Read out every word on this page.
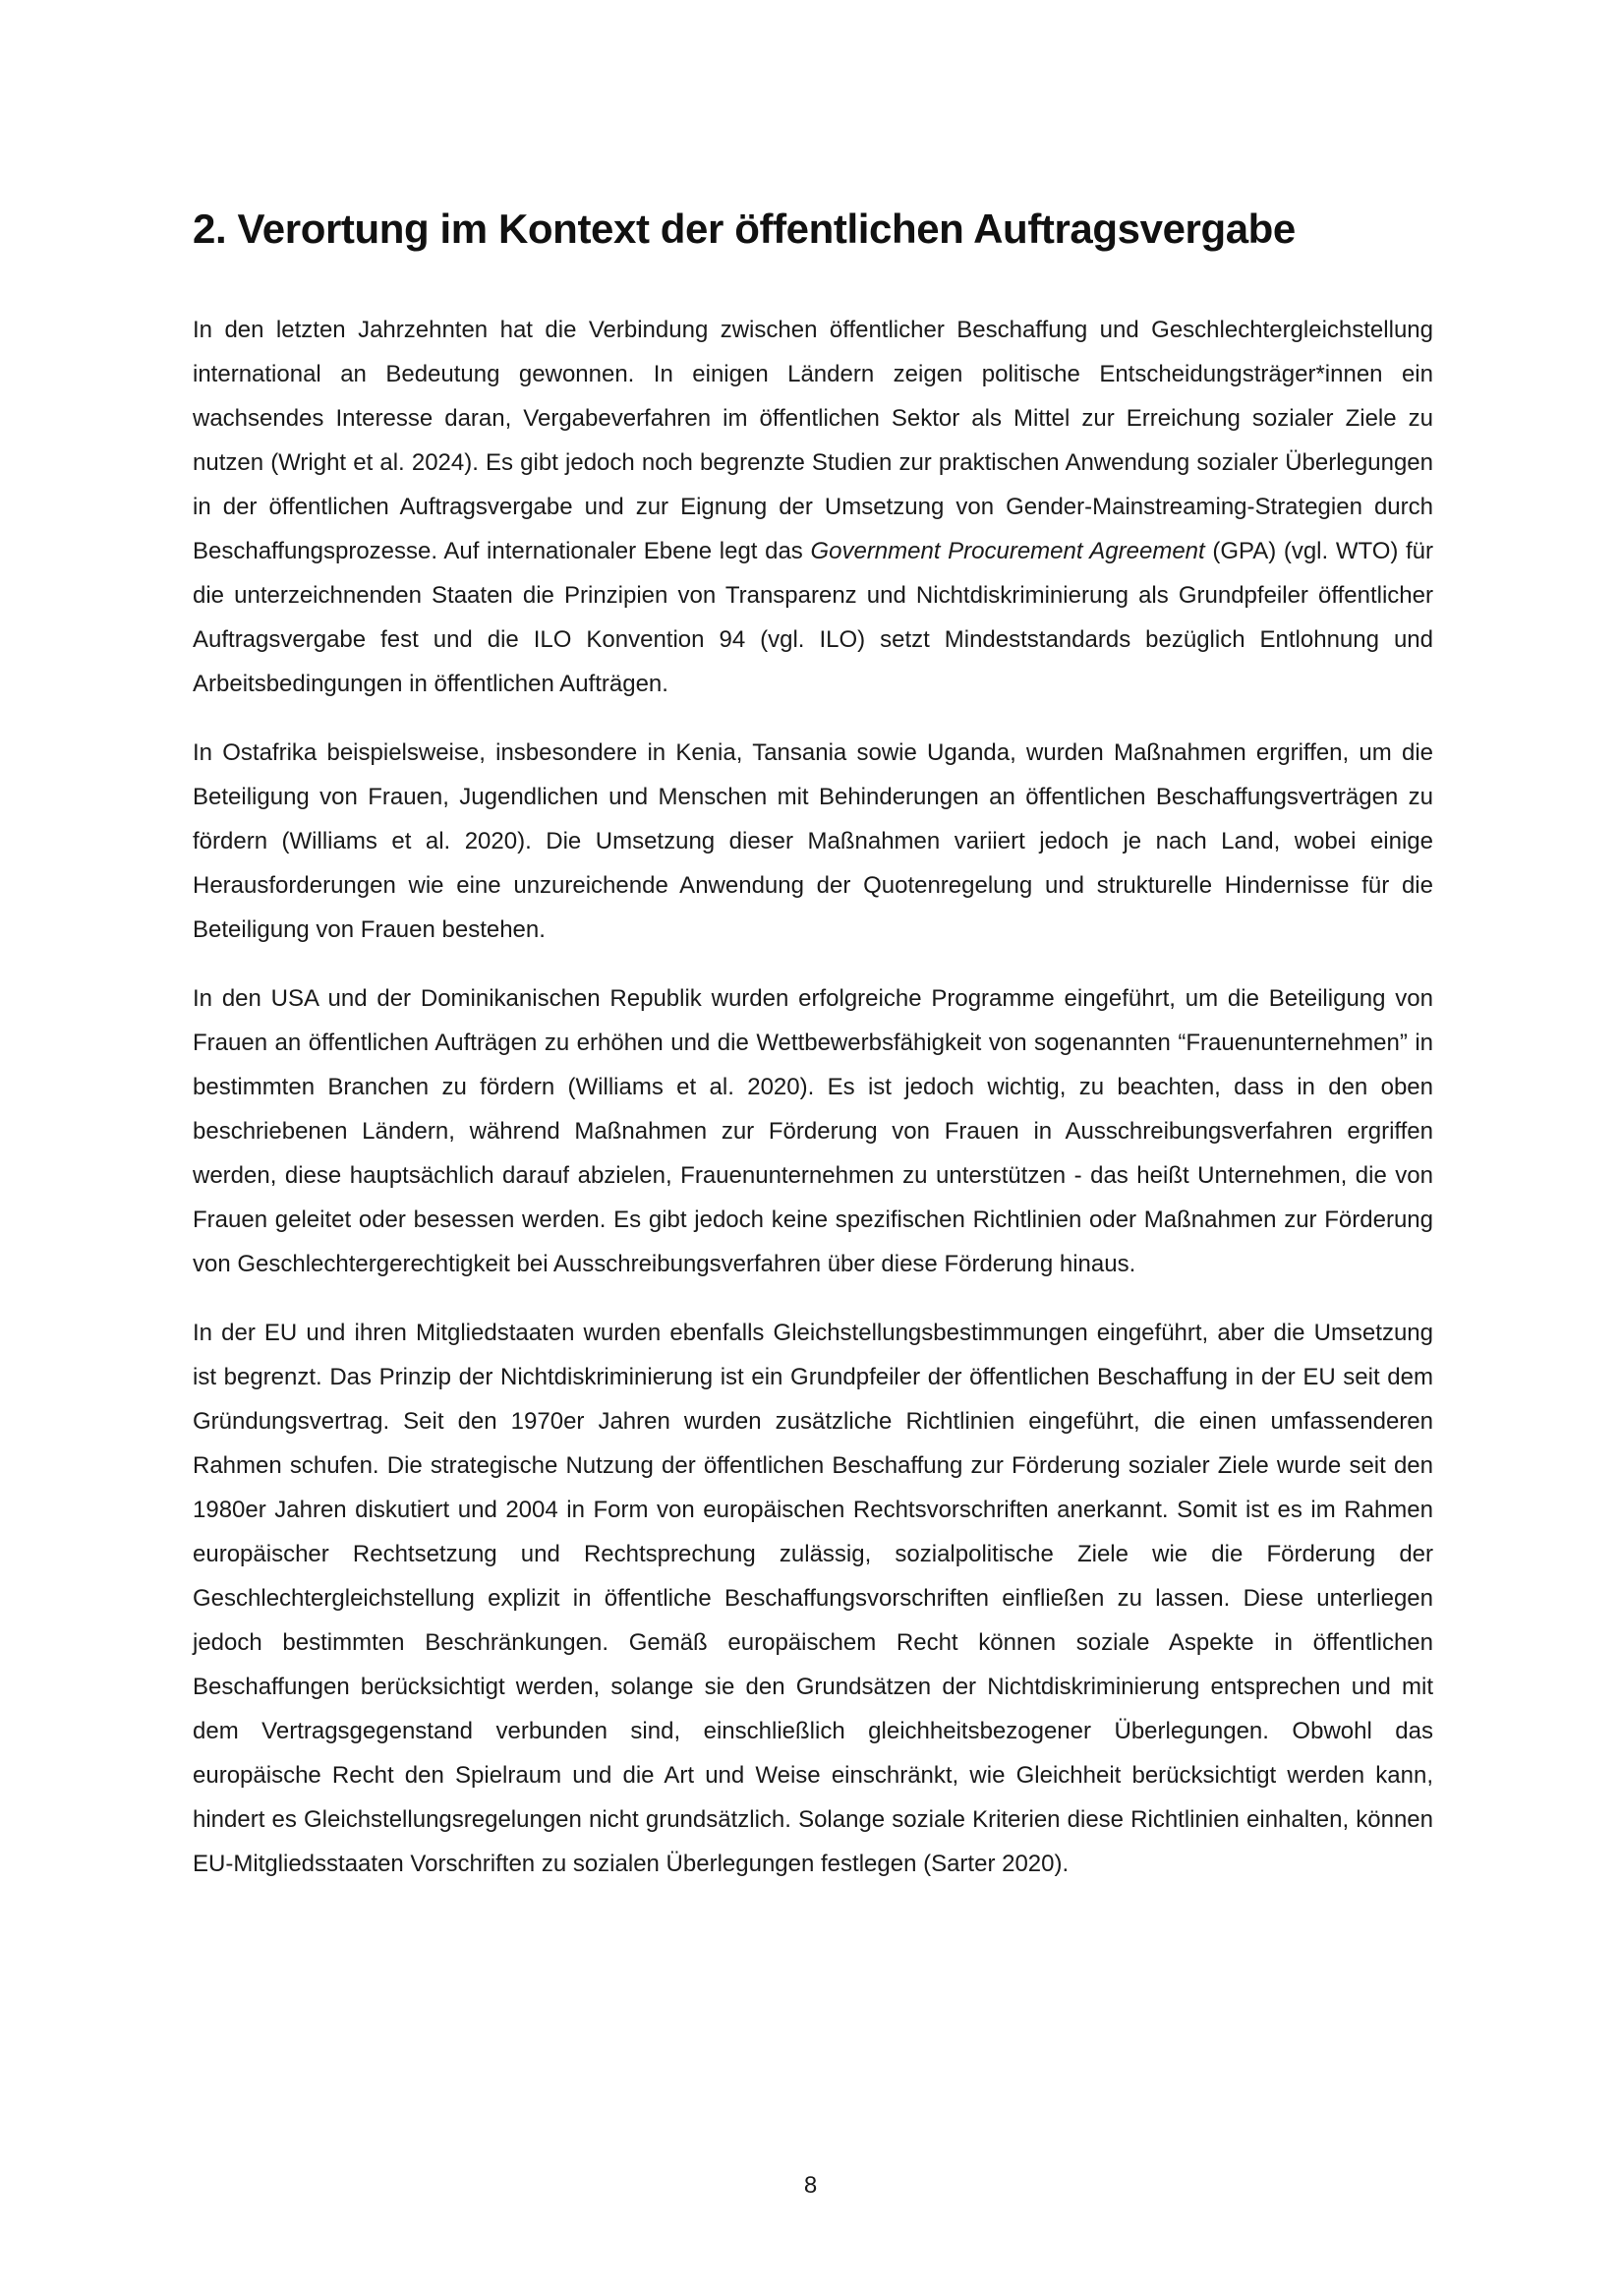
2. Verortung im Kontext der öffentlichen Auftragsvergabe

In den letzten Jahrzehnten hat die Verbindung zwischen öffentlicher Beschaffung und Geschlechtergleichstellung international an Bedeutung gewonnen. In einigen Ländern zeigen politische Entscheidungsträger*innen ein wachsendes Interesse daran, Vergabeverfahren im öffentlichen Sektor als Mittel zur Erreichung sozialer Ziele zu nutzen (Wright et al. 2024). Es gibt jedoch noch begrenzte Studien zur praktischen Anwendung sozialer Überlegungen in der öffentlichen Auftragsvergabe und zur Eignung der Umsetzung von Gender-Mainstreaming-Strategien durch Beschaffungsprozesse. Auf internationaler Ebene legt das Government Procurement Agreement (GPA) (vgl. WTO) für die unterzeichnenden Staaten die Prinzipien von Transparenz und Nichtdiskriminierung als Grundpfeiler öffentlicher Auftragsvergabe fest und die ILO Konvention 94 (vgl. ILO) setzt Mindeststandards bezüglich Entlohnung und Arbeitsbedingungen in öffentlichen Aufträgen.

In Ostafrika beispielsweise, insbesondere in Kenia, Tansania sowie Uganda, wurden Maßnahmen ergriffen, um die Beteiligung von Frauen, Jugendlichen und Menschen mit Behinderungen an öffentlichen Beschaffungsverträgen zu fördern (Williams et al. 2020). Die Umsetzung dieser Maßnahmen variiert jedoch je nach Land, wobei einige Herausforderungen wie eine unzureichende Anwendung der Quotenregelung und strukturelle Hindernisse für die Beteiligung von Frauen bestehen.

In den USA und der Dominikanischen Republik wurden erfolgreiche Programme eingeführt, um die Beteiligung von Frauen an öffentlichen Aufträgen zu erhöhen und die Wettbewerbsfähigkeit von sogenannten “Frauenunternehmen” in bestimmten Branchen zu fördern (Williams et al. 2020). Es ist jedoch wichtig, zu beachten, dass in den oben beschriebenen Ländern, während Maßnahmen zur Förderung von Frauen in Ausschreibungsverfahren ergriffen werden, diese hauptsächlich darauf abzielen, Frauenunternehmen zu unterstützen - das heißt Unternehmen, die von Frauen geleitet oder besessen werden. Es gibt jedoch keine spezifischen Richtlinien oder Maßnahmen zur Förderung von Geschlechtergerechtigkeit bei Ausschreibungsverfahren über diese Förderung hinaus.

In der EU und ihren Mitgliedstaaten wurden ebenfalls Gleichstellungsbestimmungen eingeführt, aber die Umsetzung ist begrenzt. Das Prinzip der Nichtdiskriminierung ist ein Grundpfeiler der öffentlichen Beschaffung in der EU seit dem Gründungsvertrag. Seit den 1970er Jahren wurden zusätzliche Richtlinien eingeführt, die einen umfassenderen Rahmen schufen. Die strategische Nutzung der öffentlichen Beschaffung zur Förderung sozialer Ziele wurde seit den 1980er Jahren diskutiert und 2004 in Form von europäischen Rechtsvorschriften anerkannt. Somit ist es im Rahmen europäischer Rechtsetzung und Rechtsprechung zulässig, sozialpolitische Ziele wie die Förderung der Geschlechtergleichstellung explizit in öffentliche Beschaffungsvorschriften einfließen zu lassen. Diese unterliegen jedoch bestimmten Beschränkungen. Gemäß europäischem Recht können soziale Aspekte in öffentlichen Beschaffungen berücksichtigt werden, solange sie den Grundsätzen der Nichtdiskriminierung entsprechen und mit dem Vertragsgegenstand verbunden sind, einschließlich gleichheitsbezogener Überlegungen. Obwohl das europäische Recht den Spielraum und die Art und Weise einschränkt, wie Gleichheit berücksichtigt werden kann, hindert es Gleichstellungsregelungen nicht grundsätzlich. Solange soziale Kriterien diese Richtlinien einhalten, können EU-Mitgliedsstaaten Vorschriften zu sozialen Überlegungen festlegen (Sarter 2020).

8
